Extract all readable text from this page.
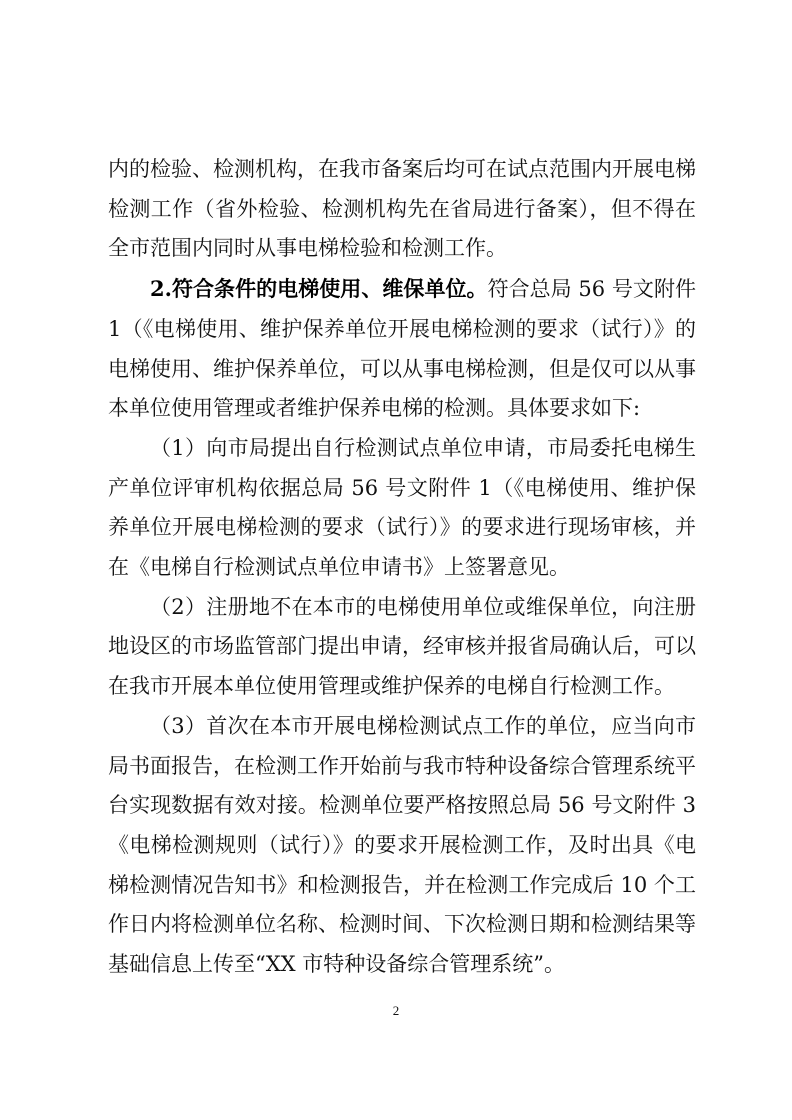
内的检验、检测机构，在我市备案后均可在试点范围内开展电梯检测工作（省外检验、检测机构先在省局进行备案），但不得在全市范围内同时从事电梯检验和检测工作。

2.符合条件的电梯使用、维保单位。符合总局 56 号文附件 1（《电梯使用、维护保养单位开展电梯检测的要求（试行）》的电梯使用、维护保养单位，可以从事电梯检测，但是仅可以从事本单位使用管理或者维护保养电梯的检测。具体要求如下:

（1）向市局提出自行检测试点单位申请，市局委托电梯生产单位评审机构依据总局 56 号文附件 1（《电梯使用、维护保养单位开展电梯检测的要求（试行）》的要求进行现场审核，并在《电梯自行检测试点单位申请书》上签署意见。

（2）注册地不在本市的电梯使用单位或维保单位，向注册地设区的市场监管部门提出申请，经审核并报省局确认后，可以在我市开展本单位使用管理或维护保养的电梯自行检测工作。

（3）首次在本市开展电梯检测试点工作的单位，应当向市局书面报告，在检测工作开始前与我市特种设备综合管理系统平台实现数据有效对接。检测单位要严格按照总局 56 号文附件 3《电梯检测规则（试行）》的要求开展检测工作，及时出具《电梯检测情况告知书》和检测报告，并在检测工作完成后 10 个工作日内将检测单位名称、检测时间、下次检测日期和检测结果等基础信息上传至“XX 市特种设备综合管理系统”。

2
